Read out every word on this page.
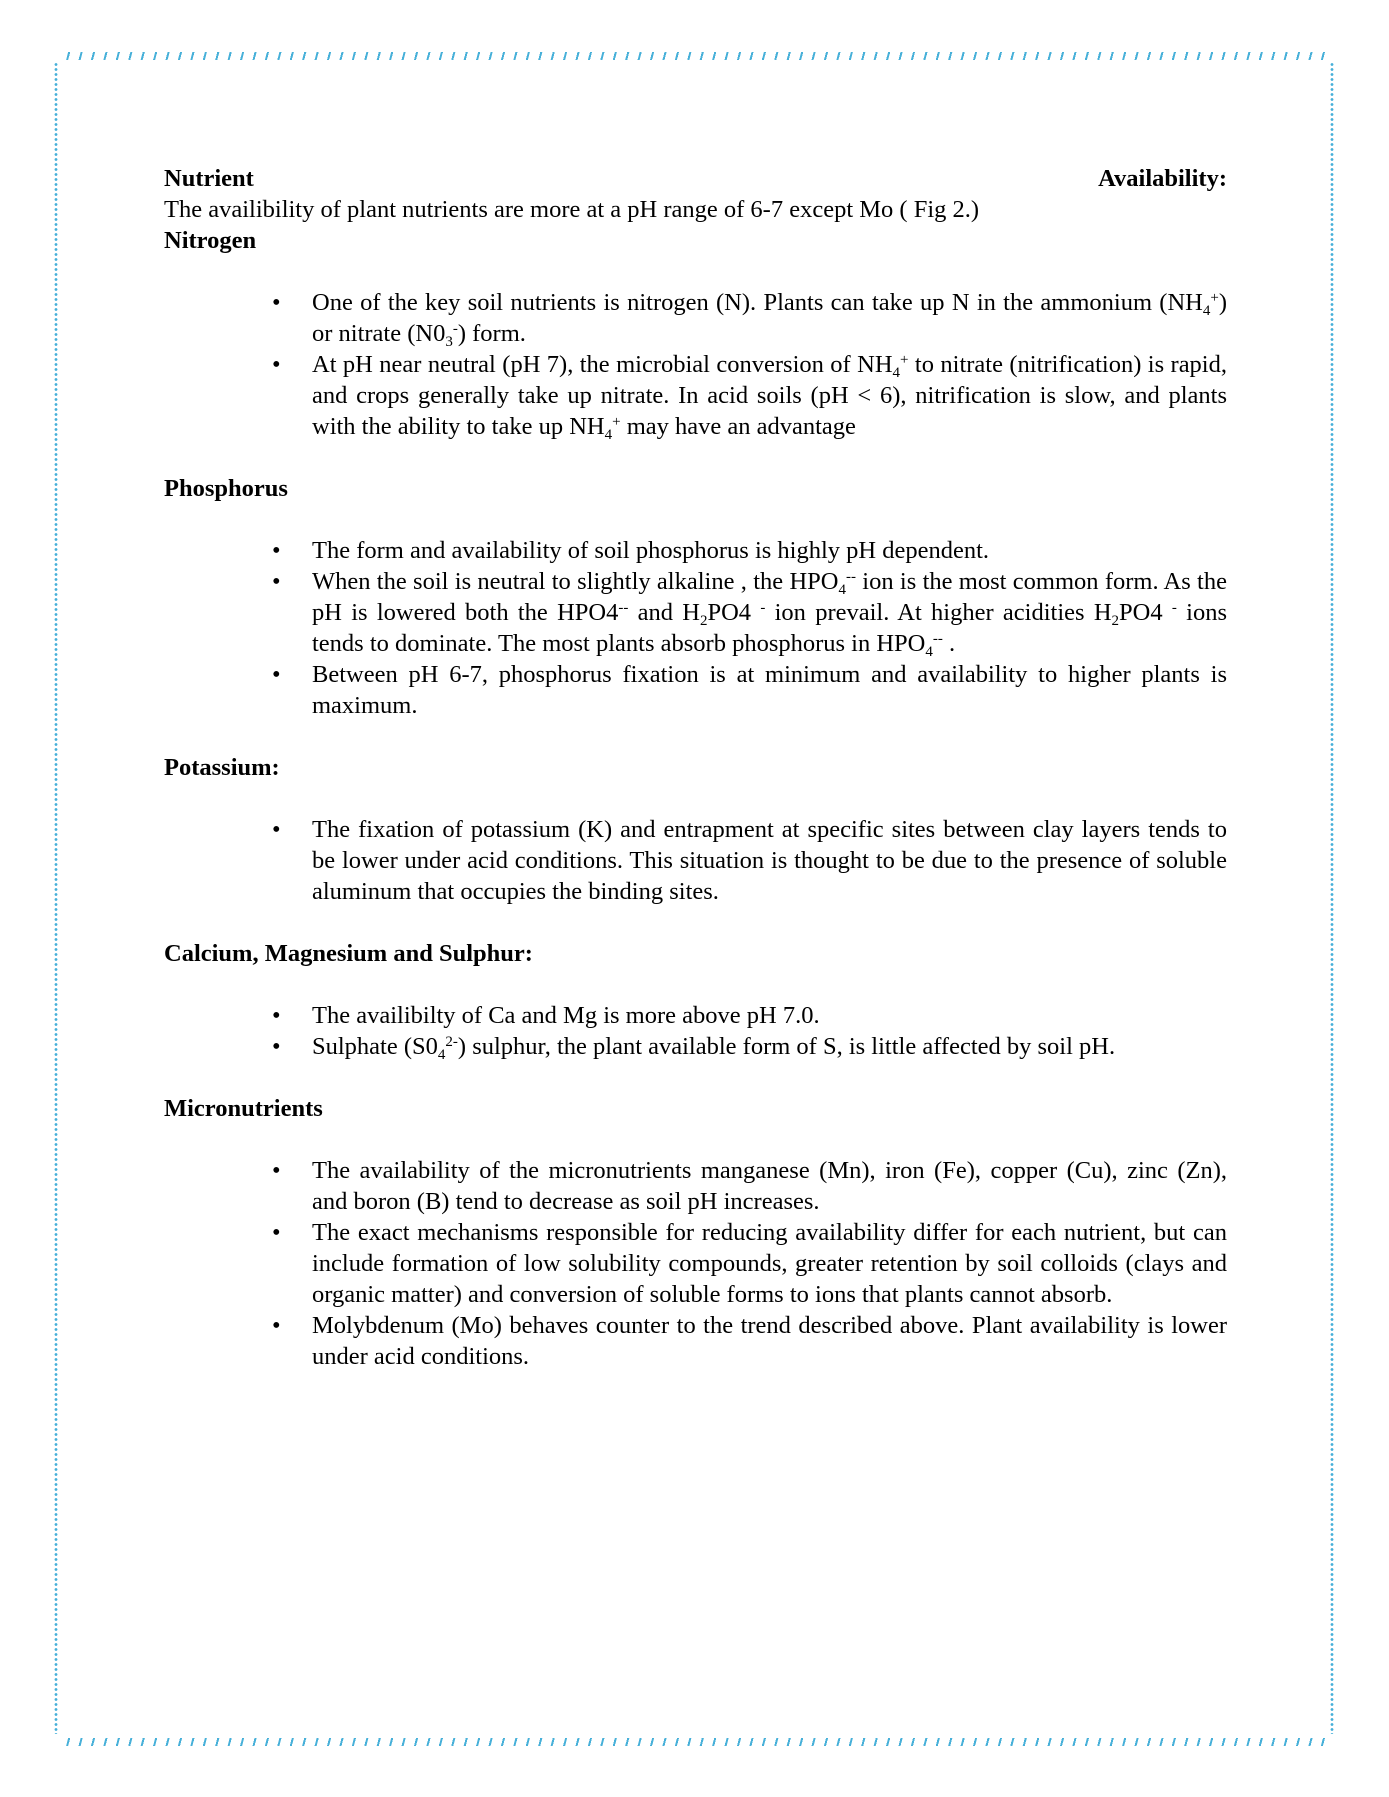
Nutrient	Availability:
The availibility of plant nutrients are more at a pH range of 6-7 except Mo ( Fig 2.)
Nitrogen
• One of the key soil nutrients is nitrogen (N). Plants can take up N in the ammonium $(NH_4^+)$ or nitrate $(N0_3^-)$ form.
• At pH near neutral (pH 7), the microbial conversion of $NH_4^+$ to nitrate (nitrification) is rapid, and crops generally take up nitrate. In acid soils (pH < 6), nitrification is slow, and plants with the ability to take up $NH_4^+$ may have an advantage
Phosphorus
• The form and availability of soil phosphorus is highly pH dependent.
• When the soil is neutral to slightly alkaline , the $HPO_4^{--}$ ion is the most common form. As the pH is lowered both the HPO4-- and $H_2PO4$ - ion prevail. At higher acidities $H_2PO4$ - ions tends to dominate. The most plants absorb phosphorus in $HPO_4^{--}$ .
• Between pH 6-7, phosphorus fixation is at minimum and availability to higher plants is maximum.
Potassium:
• The fixation of potassium (K) and entrapment at specific sites between clay layers tends to be lower under acid conditions. This situation is thought to be due to the presence of soluble aluminum that occupies the binding sites.
Calcium, Magnesium and Sulphur:
• The availibilty of Ca and Mg is more above pH 7.0.
• Sulphate $(S0_4^{2-})$ sulphur, the plant available form of S, is little affected by soil pH.
Micronutrients
• The availability of the micronutrients manganese (Mn), iron (Fe), copper (Cu), zinc (Zn), and boron (B) tend to decrease as soil pH increases.
• The exact mechanisms responsible for reducing availability differ for each nutrient, but can include formation of low solubility compounds, greater retention by soil colloids (clays and organic matter) and conversion of soluble forms to ions that plants cannot absorb.
• Molybdenum (Mo) behaves counter to the trend described above. Plant availability is lower under acid conditions.
